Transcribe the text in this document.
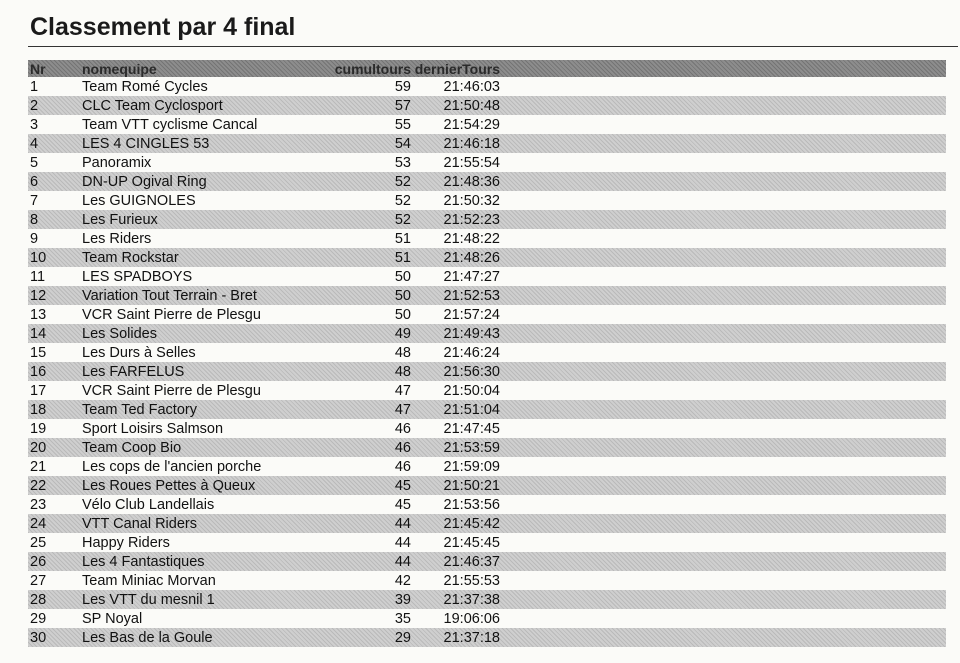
Classement par 4 final
Nr	nomequipe	cumultours dernierTours
1	Team Romé Cycles	59	21:46:03
2	CLC Team Cyclosport	57	21:50:48
3	Team VTT cyclisme Cancal	55	21:54:29
4	LES 4 CINGLES 53	54	21:46:18
5	Panoramix	53	21:55:54
6	DN-UP Ogival Ring	52	21:48:36
7	Les GUIGNOLES	52	21:50:32
8	Les Furieux	52	21:52:23
9	Les Riders	51	21:48:22
10	Team Rockstar	51	21:48:26
11	LES SPADBOYS	50	21:47:27
12	Variation Tout Terrain - Bret	50	21:52:53
13	VCR Saint Pierre de Plesgu	50	21:57:24
14	Les Solides	49	21:49:43
15	Les Durs à Selles	48	21:46:24
16	Les FARFELUS	48	21:56:30
17	VCR Saint Pierre de Plesgu	47	21:50:04
18	Team Ted Factory	47	21:51:04
19	Sport Loisirs Salmson	46	21:47:45
20	Team Coop Bio	46	21:53:59
21	Les cops de l'ancien porche	46	21:59:09
22	Les Roues Pettes à Queux	45	21:50:21
23	Vélo Club Landellais	45	21:53:56
24	VTT Canal Riders	44	21:45:42
25	Happy Riders	44	21:45:45
26	Les 4 Fantastiques	44	21:46:37
27	Team Miniac Morvan	42	21:55:53
28	Les VTT du mesnil 1	39	21:37:38
29	SP Noyal	35	19:06:06
30	Les Bas de la Goule	29	21:37:18
